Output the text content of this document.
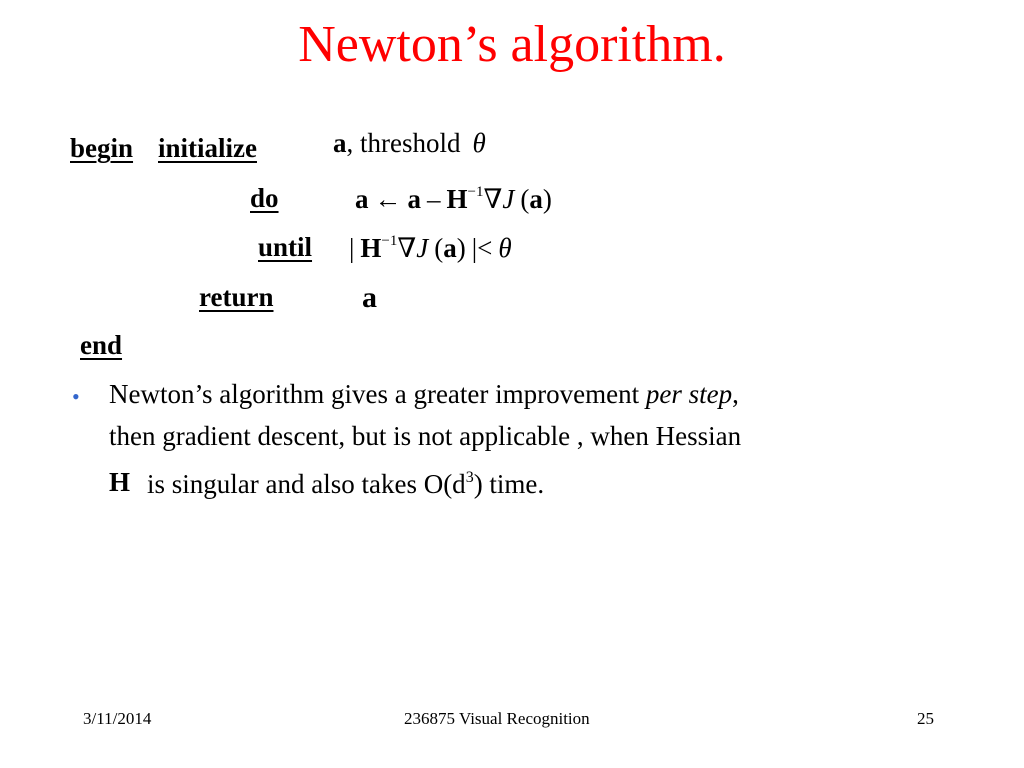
Newton’s algorithm.
begin initialize	a, threshold θ
do	a ← a – $H^{-1}\nabla J$ (a)
until | $H^{-1}\nabla J$ (a) |< θ
return	a
end
• Newton’s algorithm gives a greater improvement per step,
then gradient descent, but is not applicable , when Hessian
H is singular and also takes $O(d^3)$ time.
3/11/2014	236875 Visual Recognition	25
